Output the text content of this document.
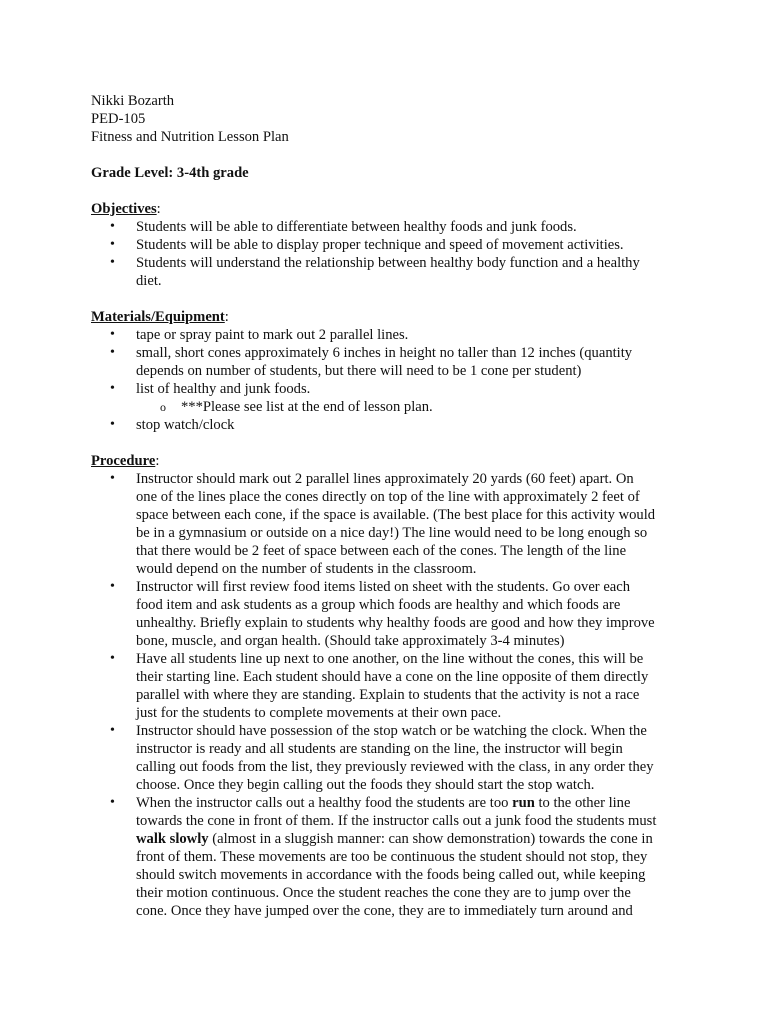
Nikki Bozarth
PED-105
Fitness and Nutrition Lesson Plan
Grade Level: 3-4th grade
Objectives:
• Students will be able to differentiate between healthy foods and junk foods.
• Students will be able to display proper technique and speed of movement activities.
• Students will understand the relationship between healthy body function and a healthy
diet.
Materials/Equipment:
• tape or spray paint to mark out 2 parallel lines.
• small, short cones approximately 6 inches in height no taller than 12 inches (quantity
depends on number of students, but there will need to be 1 cone per student)
• list of healthy and junk foods.
o ***Please see list at the end of lesson plan.
• stop watch/clock
Procedure:
• Instructor should mark out 2 parallel lines approximately 20 yards (60 feet) apart. On
one of the lines place the cones directly on top of the line with approximately 2 feet of
space between each cone, if the space is available. (The best place for this activity would
be in a gymnasium or outside on a nice day!) The line would need to be long enough so
that there would be 2 feet of space between each of the cones. The length of the line
would depend on the number of students in the classroom.
• Instructor will first review food items listed on sheet with the students. Go over each
food item and ask students as a group which foods are healthy and which foods are
unhealthy. Briefly explain to students why healthy foods are good and how they improve
bone, muscle, and organ health. (Should take approximately 3-4 minutes)
• Have all students line up next to one another, on the line without the cones, this will be
their starting line. Each student should have a cone on the line opposite of them directly
parallel with where they are standing. Explain to students that the activity is not a race
just for the students to complete movements at their own pace.
• Instructor should have possession of the stop watch or be watching the clock. When the
instructor is ready and all students are standing on the line, the instructor will begin
calling out foods from the list, they previously reviewed with the class, in any order they
choose. Once they begin calling out the foods they should start the stop watch.
• When the instructor calls out a healthy food the students are too run to the other line
towards the cone in front of them. If the instructor calls out a junk food the students must
walk slowly (almost in a sluggish manner: can show demonstration) towards the cone in
front of them. These movements are too be continuous the student should not stop, they
should switch movements in accordance with the foods being called out, while keeping
their motion continuous. Once the student reaches the cone they are to jump over the
cone. Once they have jumped over the cone, they are to immediately turn around and
